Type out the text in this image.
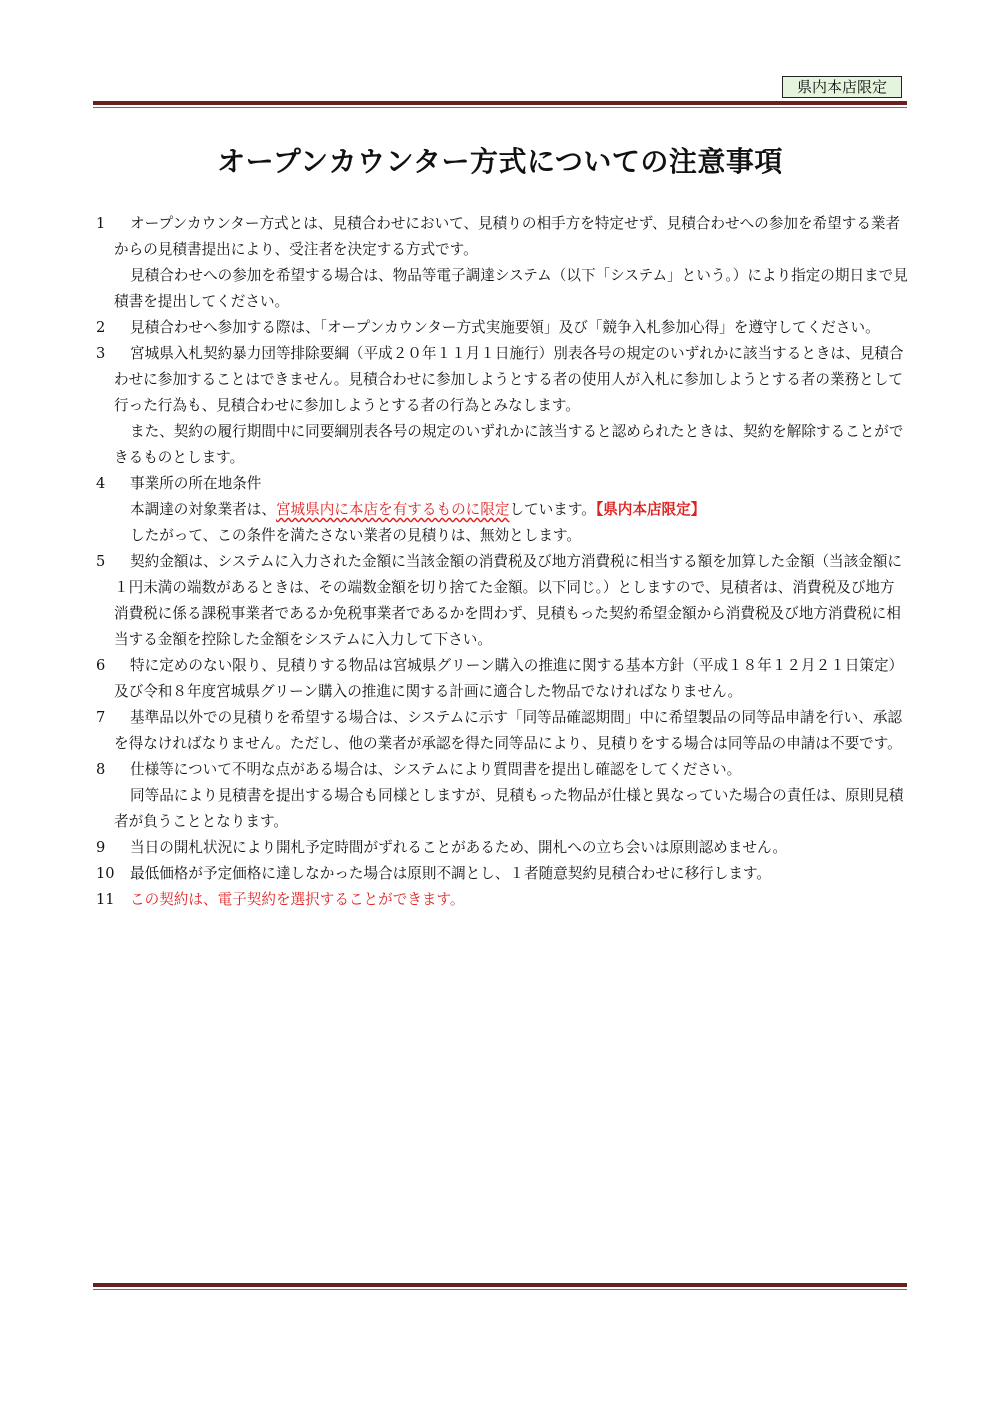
県内本店限定
オープンカウンター方式についての注意事項
1	オープンカウンター方式とは、見積合わせにおいて、見積りの相手方を特定せず、見積合わせへの参加を希望する業者からの見積書提出により、受注者を決定する方式です。

見積合わせへの参加を希望する場合は、物品等電子調達システム（以下「システム」という。）により指定の期日まで見積書を提出してください。

2	見積合わせへ参加する際は、「オープンカウンター方式実施要領」及び「競争入札参加心得」を遵守してください。

3	宮城県入札契約暴力団等排除要綱（平成２０年１１月１日施行）別表各号の規定のいずれかに該当するときは、見積合わせに参加することはできません。見積合わせに参加しようとする者の使用人が入札に参加しようとする者の業務として行った行為も、見積合わせに参加しようとする者の行為とみなします。

また、契約の履行期間中に同要綱別表各号の規定のいずれかに該当すると認められたときは、契約を解除することができるものとします。

4	事業所の所在地条件

本調達の対象業者は、宮城県内に本店を有するものに限定しています。【県内本店限定】

したがって、この条件を満たさない業者の見積りは、無効とします。

5	契約金額は、システムに入力された金額に当該金額の消費税及び地方消費税に相当する額を加算した金額（当該金額に１円未満の端数があるときは、その端数金額を切り捨てた金額。以下同じ。）としますので、見積者は、消費税及び地方消費税に係る課税事業者であるか免税事業者であるかを問わず、見積もった契約希望金額から消費税及び地方消費税に相当する金額を控除した金額をシステムに入力して下さい。

6	特に定めのない限り、見積りする物品は宮城県グリーン購入の推進に関する基本方針（平成１８年１２月２１日策定）及び令和８年度宮城県グリーン購入の推進に関する計画に適合した物品でなければなりません。

7	基準品以外での見積りを希望する場合は、システムに示す「同等品確認期間」中に希望製品の同等品申請を行い、承認を得なければなりません。ただし、他の業者が承認を得た同等品により、見積りをする場合は同等品の申請は不要です。

8	仕様等について不明な点がある場合は、システムにより質問書を提出し確認をしてください。

同等品により見積書を提出する場合も同様としますが、見積もった物品が仕様と異なっていた場合の責任は、原則見積者が負うこととなります。

9	当日の開札状況により開札予定時間がずれることがあるため、開札への立ち会いは原則認めません。

10	最低価格が予定価格に達しなかった場合は原則不調とし、１者随意契約見積合わせに移行します。

11	この契約は、電子契約を選択することができます。
